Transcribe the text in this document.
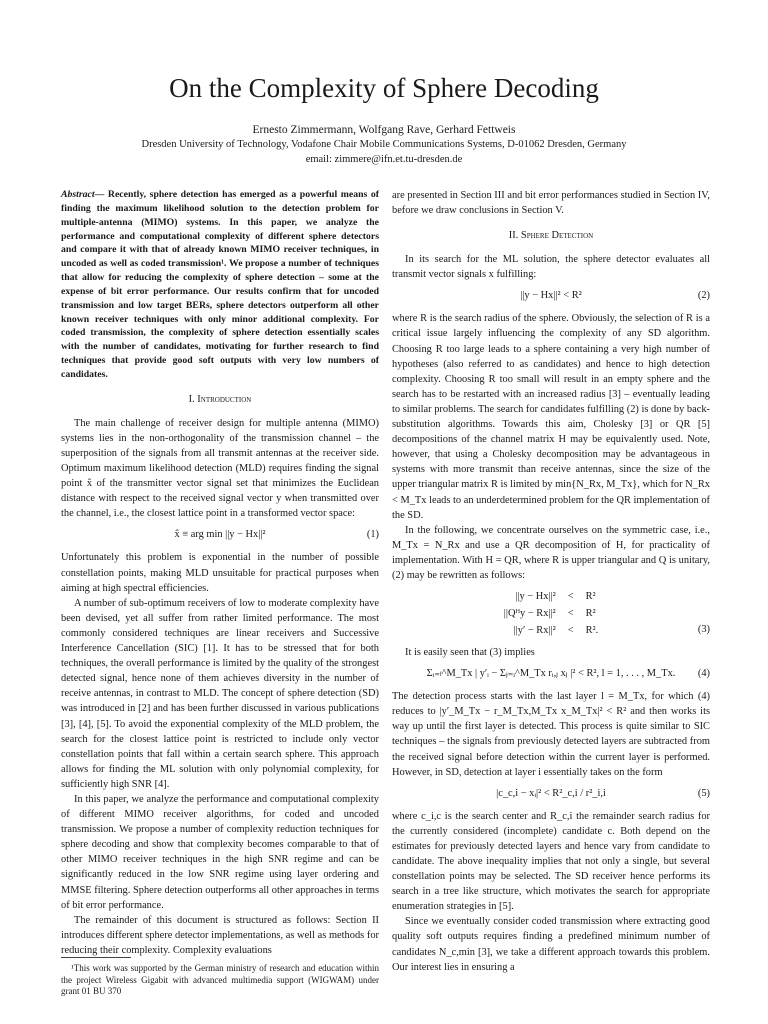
On the Complexity of Sphere Decoding
Ernesto Zimmermann, Wolfgang Rave, Gerhard Fettweis
Dresden University of Technology, Vodafone Chair Mobile Communications Systems, D-01062 Dresden, Germany
email: zimmere@ifn.et.tu-dresden.de
Abstract— Recently, sphere detection has emerged as a powerful means of finding the maximum likelihood solution to the detection problem for multiple-antenna (MIMO) systems. In this paper, we analyze the performance and computational complexity of different sphere detectors and compare it with that of already known MIMO receiver techniques, in uncoded as well as coded transmission¹. We propose a number of techniques that allow for reducing the complexity of sphere detection – some at the expense of bit error performance. Our results confirm that for uncoded transmission and low target BERs, sphere detectors outperform all other known receiver techniques with only minor additional complexity. For coded transmission, the complexity of sphere detection essentially scales with the number of candidates, motivating for further research to find techniques that provide good soft outputs with very low numbers of candidates.
I. Introduction

The main challenge of receiver design for multiple antenna (MIMO) systems lies in the non-orthogonality of the transmission channel – the superposition of the signals from all transmit antennas at the receiver side. Optimum maximum likelihood detection (MLD) requires finding the signal point x̂ of the transmitter vector signal set that minimizes the Euclidean distance with respect to the received signal vector y when transmitted over the channel, i.e., the closest lattice point in a transformed vector space:

x̂ ≡ arg min ||y − Hx||²	(1)

Unfortunately this problem is exponential in the number of possible constellation points, making MLD unsuitable for practical purposes when aiming at high spectral efficiencies.

A number of sub-optimum receivers of low to moderate complexity have been devised, yet all suffer from rather limited performance. The most commonly considered techniques are linear receivers and Successive Interference Cancellation (SIC) [1]. It has to be stressed that for both techniques, the overall performance is limited by the quality of the strongest detected signal, hence none of them achieves diversity in the number of receive antennas, in contrast to MLD. The concept of sphere detection (SD) was introduced in [2] and has been further discussed in various publications [3], [4], [5]. To avoid the exponential complexity of the MLD problem, the search for the closest lattice point is restricted to include only vector constellation points that fall within a certain search sphere. This approach allows for finding the ML solution with only polynomial complexity, for sufficiently high SNR [4].

In this paper, we analyze the performance and computational complexity of different MIMO receiver algorithms, for coded and uncoded transmission. We propose a number of complexity reduction techniques for sphere decoding and show that complexity becomes comparable to that of other MIMO receiver techniques in the high SNR regime and can be significantly reduced in the low SNR regime using layer ordering and MMSE filtering. Sphere detection outperforms all other approaches in terms of bit error performance.

The remainder of this document is structured as follows: Section II introduces different sphere detector implementations, as well as methods for reducing their complexity. Complexity evaluations

¹This work was supported by the German ministry of research and education within the project Wireless Gigabit with advanced multimedia support (WIGWAM) under grant 01 BU 370

are presented in Section III and bit error performances studied in Section IV, before we draw conclusions in Section V.

II. Sphere Detection

In its search for the ML solution, the sphere detector evaluates all transmit vector signals x fulfilling:

||y − Hx||² < R²	(2)

where R is the search radius of the sphere. Obviously, the selection of R is a critical issue largely influencing the complexity of any SD algorithm. Choosing R too large leads to a sphere containing a very high number of hypotheses (also referred to as candidates) and hence to high detection complexity. Choosing R too small will result in an empty sphere and the search has to be restarted with an increased radius [3] – eventually leading to similar problems. The search for candidates fulfilling (2) is done by back-substitution algorithms. Towards this aim, Cholesky [3] or QR [5] decompositions of the channel matrix H may be equivalently used. Note, however, that using a Cholesky decomposition may be advantageous in systems with more transmit than receive antennas, since the size of the upper triangular matrix R is limited by min{N_Rx, M_Tx}, which for N_Rx < M_Tx leads to an underdetermined problem for the QR implementation of the SD.

In the following, we concentrate ourselves on the symmetric case, i.e., M_Tx = N_Rx and use a QR decomposition of H, for practicality of implementation. With H = QR, where R is upper triangular and Q is unitary, (2) may be rewritten as follows:

||y − Hx||²	<	R²
||Qᴴy − Rx||²	<	R²
||y′ − Rx||²	<	R².	(3)

It is easily seen that (3) implies

Σᵢ₌ₗ^M_Tx | y′ᵢ − Σⱼ₌ᵢ^M_Tx rᵢ,ⱼ xⱼ |² < R², l = 1, . . . , M_Tx. (4)

The detection process starts with the last layer l = M_Tx, for which (4) reduces to |y′_M_Tx − r_M_Tx,M_Tx x_M_Tx|² < R² and then works its way up until the first layer is detected. This process is quite similar to SIC techniques – the signals from previously detected layers are subtracted from the received signal before detection within the current layer is performed. However, in SD, detection at layer i essentially takes on the form

|c_c,i − xᵢ|² < R²_c,i / r²_i,i	(5)

where c_i,c is the search center and R_c,i the remainder search radius for the currently considered (incomplete) candidate c. Both depend on the estimates for previously detected layers and hence vary from candidate to candidate. The above inequality implies that not only a single, but several constellation points may be selected. The SD receiver hence performs its search in a tree like structure, which motivates the search for appropriate enumeration strategies in [5].

Since we eventually consider coded transmission where extracting good quality soft outputs requires finding a predefined minimum number of candidates N_c,min [3], we take a different approach towards this problem. Our interest lies in ensuring a
